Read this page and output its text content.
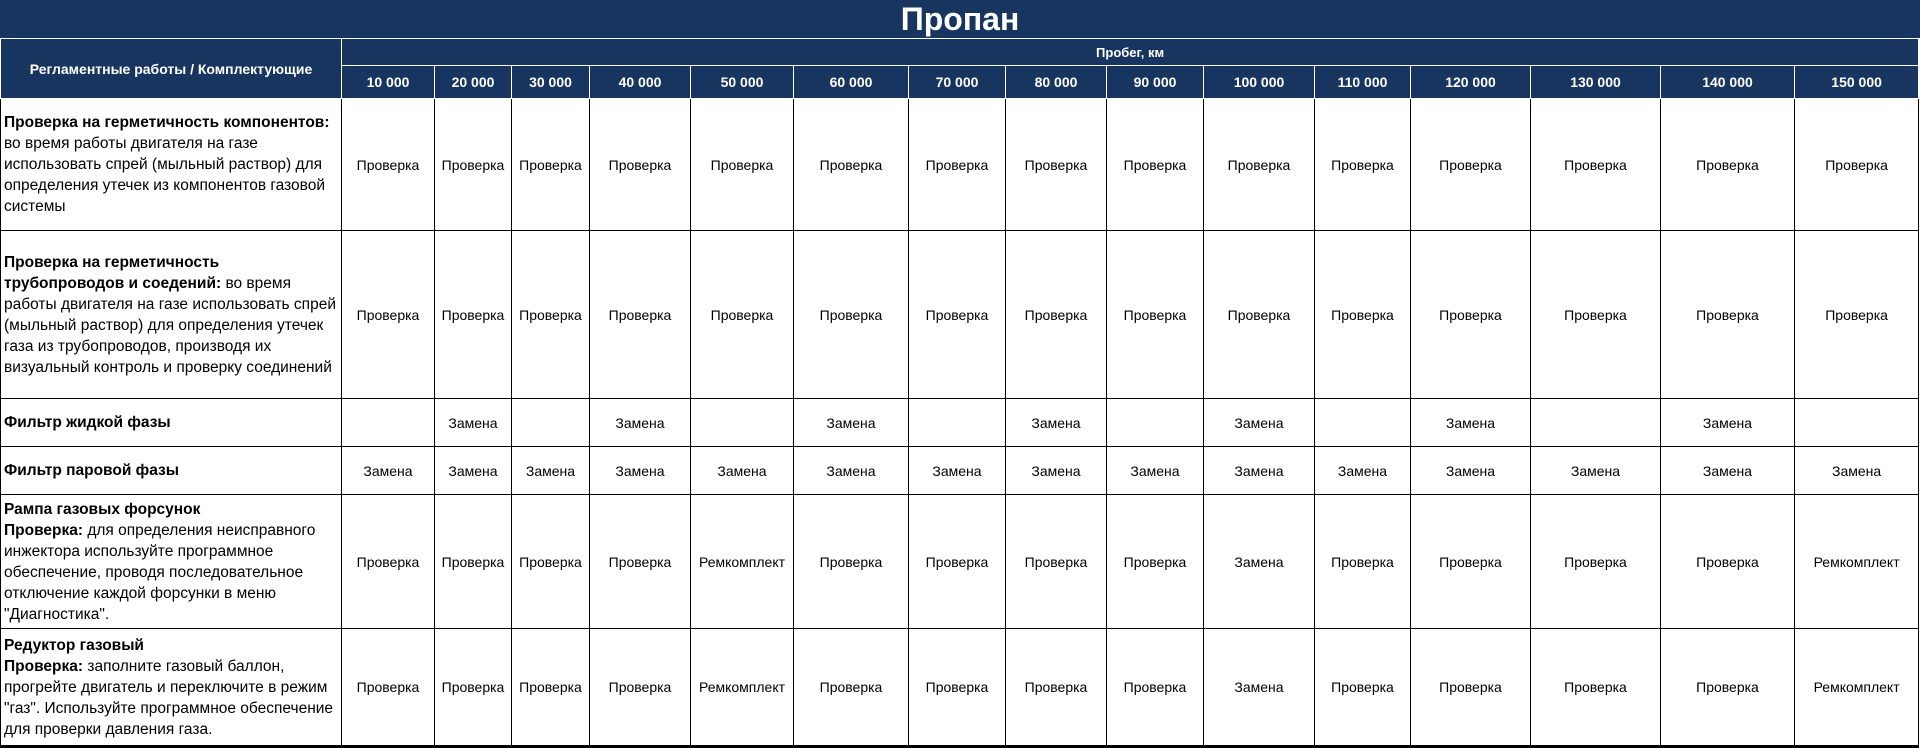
Пропан
Регламентные работы / Комплектующие	Пробег, км														
	10 000	20 000	30 000	40 000	50 000	60 000	70 000	80 000	90 000	100 000	110 000	120 000	130 000	140 000	150 000
Проверка на герметичность компонентов: во время работы двигателя на газе использовать спрей (мыльный раствор) для определения утечек из компонентов газовой системы	Проверка	Проверка	Проверка	Проверка	Проверка	Проверка	Проверка	Проверка	Проверка	Проверка	Проверка	Проверка	Проверка	Проверка	Проверка
Проверка на герметичность трубопроводов и соедений: во время работы двигателя на газе использовать спрей (мыльный раствор) для определения утечек газа из трубопроводов, производя их визуальный контроль и проверку соединений	Проверка	Проверка	Проверка	Проверка	Проверка	Проверка	Проверка	Проверка	Проверка	Проверка	Проверка	Проверка	Проверка	Проверка	Проверка
Фильтр жидкой фазы		Замена		Замена		Замена		Замена		Замена		Замена		Замена	
Фильтр паровой фазы	Замена	Замена	Замена	Замена	Замена	Замена	Замена	Замена	Замена	Замена	Замена	Замена	Замена	Замена	Замена
Рампа газовых форсунок
Проверка: для определения неисправного инжектора используйте программное обеспечение, проводя последовательное отключение каждой форсунки в меню "Диагностика".	Проверка	Проверка	Проверка	Проверка	Ремкомплект	Проверка	Проверка	Проверка	Проверка	Замена	Проверка	Проверка	Проверка	Проверка	Ремкомплект
Редуктор газовый
Проверка: заполните газовый баллон, прогрейте двигатель и переключите в режим "газ". Используйте программное обеспечение для проверки давления газа.	Проверка	Проверка	Проверка	Проверка	Ремкомплект	Проверка	Проверка	Проверка	Проверка	Замена	Проверка	Проверка	Проверка	Проверка	Ремкомплект
